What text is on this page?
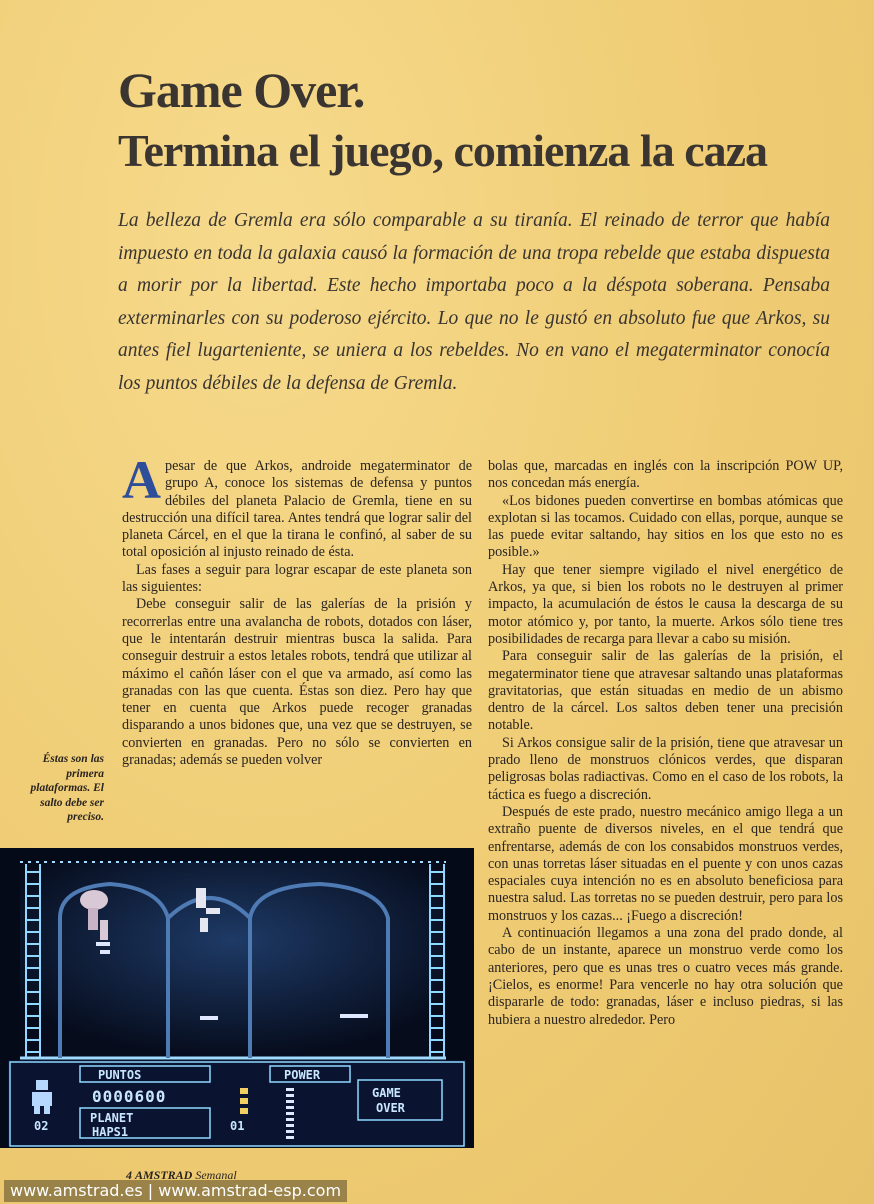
Game Over.
Termina el juego, comienza la caza
La belleza de Gremla era sólo comparable a su tiranía. El reinado de terror que había impuesto en toda la galaxia causó la formación de una tropa rebelde que estaba dispuesta a morir por la libertad. Este hecho importaba poco a la déspota soberana. Pensaba exterminarles con su poderoso ejército. Lo que no le gustó en absoluto fue que Arkos, su antes fiel lugarteniente, se uniera a los rebeldes. No en vano el megaterminator conocía los puntos débiles de la defensa de Gremla.

Apesar de que Arkos, androide megaterminator de grupo A, conoce los sistemas de defensa y puntos débiles del planeta Palacio de Gremla, tiene en su destrucción una difícil tarea. Antes tendrá que lograr salir del planeta Cárcel, en el que la tirana le confinó, al saber de su total oposición al injusto reinado de ésta.

Las fases a seguir para lograr escapar de este planeta son las siguientes:

Debe conseguir salir de las galerías de la prisión y recorrerlas entre una avalancha de robots, dotados con láser, que le intentarán destruir mientras busca la salida. Para conseguir destruir a estos letales robots, tendrá que utilizar al máximo el cañón láser con el que va armado, así como las granadas con las que cuenta. Éstas son diez. Pero hay que tener en cuenta que Arkos puede recoger granadas disparando a unos bidones que, una vez que se destruyen, se convierten en granadas. Pero no sólo se convierten en granadas; además se pueden volver

bolas que, marcadas en inglés con la inscripción POW UP, nos concedan más energía.

«Los bidones pueden convertirse en bombas atómicas que explotan si las tocamos. Cuidado con ellas, porque, aunque se las puede evitar saltando, hay sitios en los que esto no es posible.»

Hay que tener siempre vigilado el nivel energético de Arkos, ya que, si bien los robots no le destruyen al primer impacto, la acumulación de éstos le causa la descarga de su motor atómico y, por tanto, la muerte. Arkos sólo tiene tres posibilidades de recarga para llevar a cabo su misión.

Para conseguir salir de las galerías de la prisión, el megaterminator tiene que atravesar saltando unas plataformas gravitatorias, que están situadas en medio de un abismo dentro de la cárcel. Los saltos deben tener una precisión notable.

Si Arkos consigue salir de la prisión, tiene que atravesar un prado lleno de monstruos clónicos verdes, que disparan peligrosas bolas radiactivas. Como en el caso de los robots, la táctica es fuego a discreción.

Después de este prado, nuestro mecánico amigo llega a un extraño puente de diversos niveles, en el que tendrá que enfrentarse, además de con los consabidos monstruos verdes, con unas torretas láser situadas en el puente y con unos cazas espaciales cuya intención no es en absoluto beneficiosa para nuestra salud. Las torretas no se pueden destruir, pero para los monstruos y los cazas... ¡Fuego a discreción!

A continuación llegamos a una zona del prado donde, al cabo de un instante, aparece un monstruo verde como los anteriores, pero que es unas tres o cuatro veces más grande. ¡Cielos, es enorme! Para vencerle no hay otra solución que dispararle de todo: granadas, láser e incluso piedras, si las hubiera a nuestro alrededor. Pero

Éstas son las primera plataformas. El salto debe ser preciso.
PUNTOS
0000600
POWER
GAME
OVER
PLANET
HAPS1
02	01
4 AMSTRAD Semanal
www.amstrad.es | www.amstrad-esp.com
